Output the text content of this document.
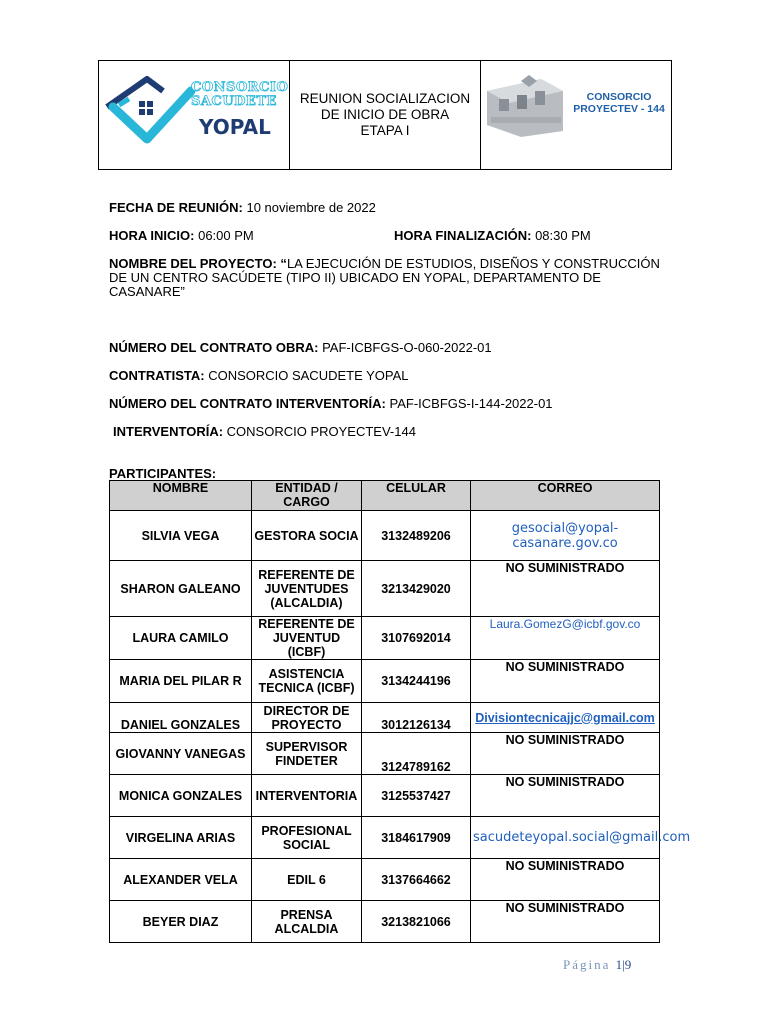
CONSORCIO
SACUDETE
YOPAL

REUNION SOCIALIZACION
DE INICIO DE OBRA
ETAPA I

CONSORCIO
PROYECTEV - 144
FECHA DE REUNIÓN: 10 noviembre de 2022
HORA INICIO: 06:00 PM	HORA FINALIZACIÓN: 08:30 PM
NOMBRE DEL PROYECTO: “LA EJECUCIÓN DE ESTUDIOS, DISEÑOS Y CONSTRUCCIÓN DE UN CENTRO SACÚDETE (TIPO II) UBICADO EN YOPAL, DEPARTAMENTO DE CASANARE”
NÚMERO DEL CONTRATO OBRA: PAF-ICBFGS-O-060-2022-01
CONTRATISTA: CONSORCIO SACUDETE YOPAL
NÚMERO DEL CONTRATO INTERVENTORÍA: PAF-ICBFGS-I-144-2022-01
INTERVENTORÍA: CONSORCIO PROYECTEV-144
PARTICIPANTES:
NOMBRE	ENTIDAD / CARGO	CELULAR	CORREO
SILVIA VEGA	GESTORA SOCIA	3132489206	gesocial@yopal-casanare.gov.co
SHARON GALEANO	REFERENTE DE JUVENTUDES (ALCALDIA)	3213429020	NO SUMINISTRADO
LAURA CAMILO	REFERENTE DE JUVENTUD (ICBF)	3107692014	Laura.GomezG@icbf.gov.co
MARIA DEL PILAR R	ASISTENCIA TECNICA (ICBF)	3134244196	NO SUMINISTRADO
DANIEL GONZALES	DIRECTOR DE PROYECTO	3012126134	Divisiontecnicajjc@gmail.com
GIOVANNY VANEGAS	SUPERVISOR FINDETER	3124789162	NO SUMINISTRADO
MONICA GONZALES	INTERVENTORIA	3125537427	NO SUMINISTRADO
VIRGELINA ARIAS	PROFESIONAL SOCIAL	3184617909	sacudeteyopal.social@gmail.com
ALEXANDER VELA	EDIL 6	3137664662	NO SUMINISTRADO
BEYER DIAZ	PRENSA ALCALDIA	3213821066	NO SUMINISTRADO
Página 1|9
